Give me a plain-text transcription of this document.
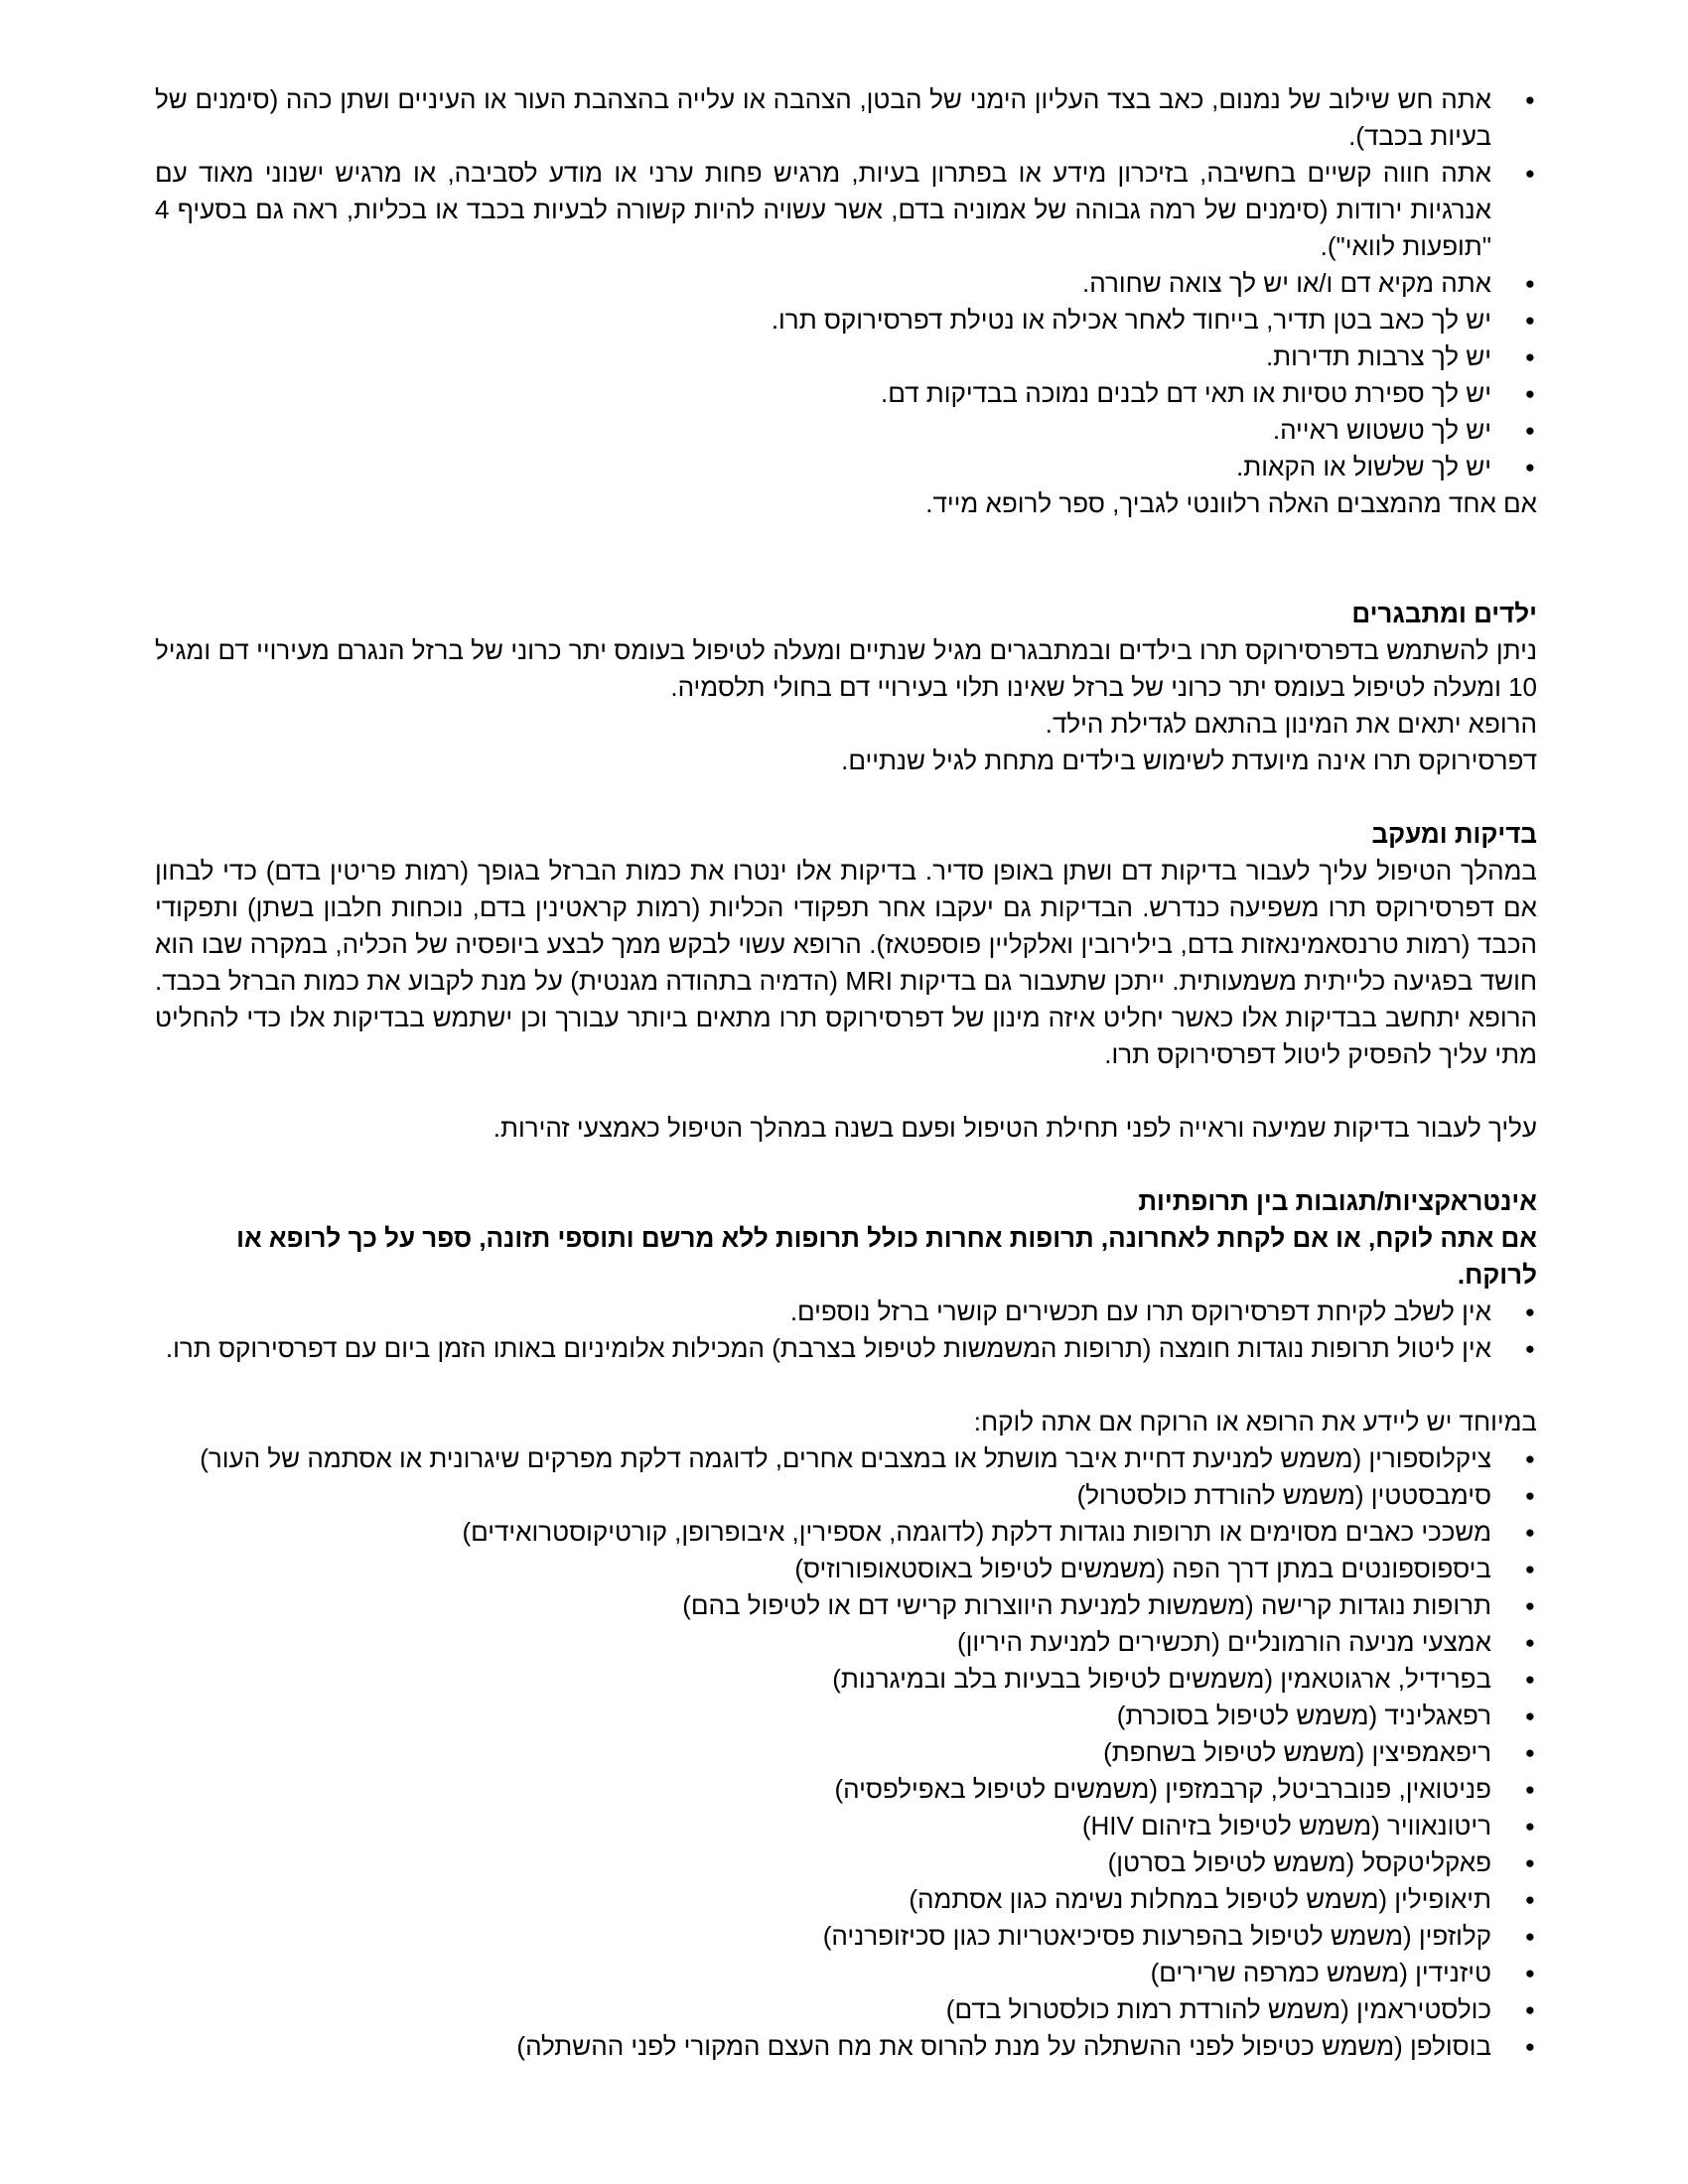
● אתה חש שילוב של נמנום, כאב בצד העליון הימני של הבטן, הצהבה או עלייה בהצהבת העור או העיניים ושתן כהה (סימנים של בעיות בכבד).
● אתה חווה קשיים בחשיבה, בזיכרון מידע או בפתרון בעיות, מרגיש פחות ערני או מודע לסביבה, או מרגיש ישנוני מאוד עם אנרגיות ירודות (סימנים של רמה גבוהה של אמוניה בדם, אשר עשויה להיות קשורה לבעיות בכבד או בכליות, ראה גם בסעיף 4 "תופעות לוואי").
● אתה מקיא דם ו/או יש לך צואה שחורה.
● יש לך כאב בטן תדיר, בייחוד לאחר אכילה או נטילת דפרסירוקס תרו.
● יש לך צרבות תדירות.
● יש לך ספירת טסיות או תאי דם לבנים נמוכה בבדיקות דם.
● יש לך טשטוש ראייה.
● יש לך שלשול או הקאות.

אם אחד מהמצבים האלה רלוונטי לגביך, ספר לרופא מייד.

ילדים ומתבגרים

ניתן להשתמש בדפרסירוקס תרו בילדים ובמתבגרים מגיל שנתיים ומעלה לטיפול בעומס יתר כרוני של ברזל הנגרם מעירויי דם ומגיל 10 ומעלה לטיפול בעומס יתר כרוני של ברזל שאינו תלוי בעירויי דם בחולי תלסמיה.

הרופא יתאים את המינון בהתאם לגדילת הילד.

דפרסירוקס תרו אינה מיועדת לשימוש בילדים מתחת לגיל שנתיים.

בדיקות ומעקב

במהלך הטיפול עליך לעבור בדיקות דם ושתן באופן סדיר. בדיקות אלו ינטרו את כמות הברזל בגופך (רמות פריטין בדם) כדי לבחון אם דפרסירוקס תרו משפיעה כנדרש. הבדיקות גם יעקבו אחר תפקודי הכליות (רמות קראטינין בדם, נוכחות חלבון בשתן) ותפקודי הכבד (רמות טרנסאמינאזות בדם, בילירובין ואלקליין פוספטאז). הרופא עשוי לבקש ממך לבצע ביופסיה של הכליה, במקרה שבו הוא חושד בפגיעה כלייתית משמעותית. ייתכן שתעבור גם בדיקות MRI (הדמיה בתהודה מגנטית) על מנת לקבוע את כמות הברזל בכבד. הרופא יתחשב בבדיקות אלו כאשר יחליט איזה מינון של דפרסירוקס תרו מתאים ביותר עבורך וכן ישתמש בבדיקות אלו כדי להחליט מתי עליך להפסיק ליטול דפרסירוקס תרו.

עליך לעבור בדיקות שמיעה וראייה לפני תחילת הטיפול ופעם בשנה במהלך הטיפול כאמצעי זהירות.

אינטראקציות/תגובות בין תרופתיות

אם אתה לוקח, או אם לקחת לאחרונה, תרופות אחרות כולל תרופות ללא מרשם ותוספי תזונה, ספר על כך לרופא או לרוקח.

● אין לשלב לקיחת דפרסירוקס תרו עם תכשירים קושרי ברזל נוספים.
● אין ליטול תרופות נוגדות חומצה (תרופות המשמשות לטיפול בצרבת) המכילות אלומיניום באותו הזמן ביום עם דפרסירוקס תרו.

במיוחד יש ליידע את הרופא או הרוקח אם אתה לוקח:

● ציקלוספורין (משמש למניעת דחיית איבר מושתל או במצבים אחרים, לדוגמה דלקת מפרקים שיגרונית או אסתמה של העור)
● סימבסטטין (משמש להורדת כולסטרול)
● משככי כאבים מסוימים או תרופות נוגדות דלקת (לדוגמה, אספירין, איבופרופן, קורטיקוסטרואידים)
● ביספוספונטים במתן דרך הפה (משמשים לטיפול באוסטאופורוזיס)
● תרופות נוגדות קרישה (משמשות למניעת היווצרות קרישי דם או לטיפול בהם)
● אמצעי מניעה הורמונליים (תכשירים למניעת היריון)
● בפרידיל, ארגוטאמין (משמשים לטיפול בבעיות בלב ובמיגרנות)
● רפאגליניד (משמש לטיפול בסוכרת)
● ריפאמפיצין (משמש לטיפול בשחפת)
● פניטואין, פנוברביטל, קרבמזפין (משמשים לטיפול באפילפסיה)
● ריטונאוויר (משמש לטיפול בזיהום HIV)
● פאקליטקסל (משמש לטיפול בסרטן)
● תיאופילין (משמש לטיפול במחלות נשימה כגון אסתמה)
● קלוזפין (משמש לטיפול בהפרעות פסיכיאטריות כגון סכיזופרניה)
● טיזנידין (משמש כמרפה שרירים)
● כולסטיראמין (משמש להורדת רמות כולסטרול בדם)
● בוסולפן (משמש כטיפול לפני ההשתלה על מנת להרוס את מח העצם המקורי לפני ההשתלה)
